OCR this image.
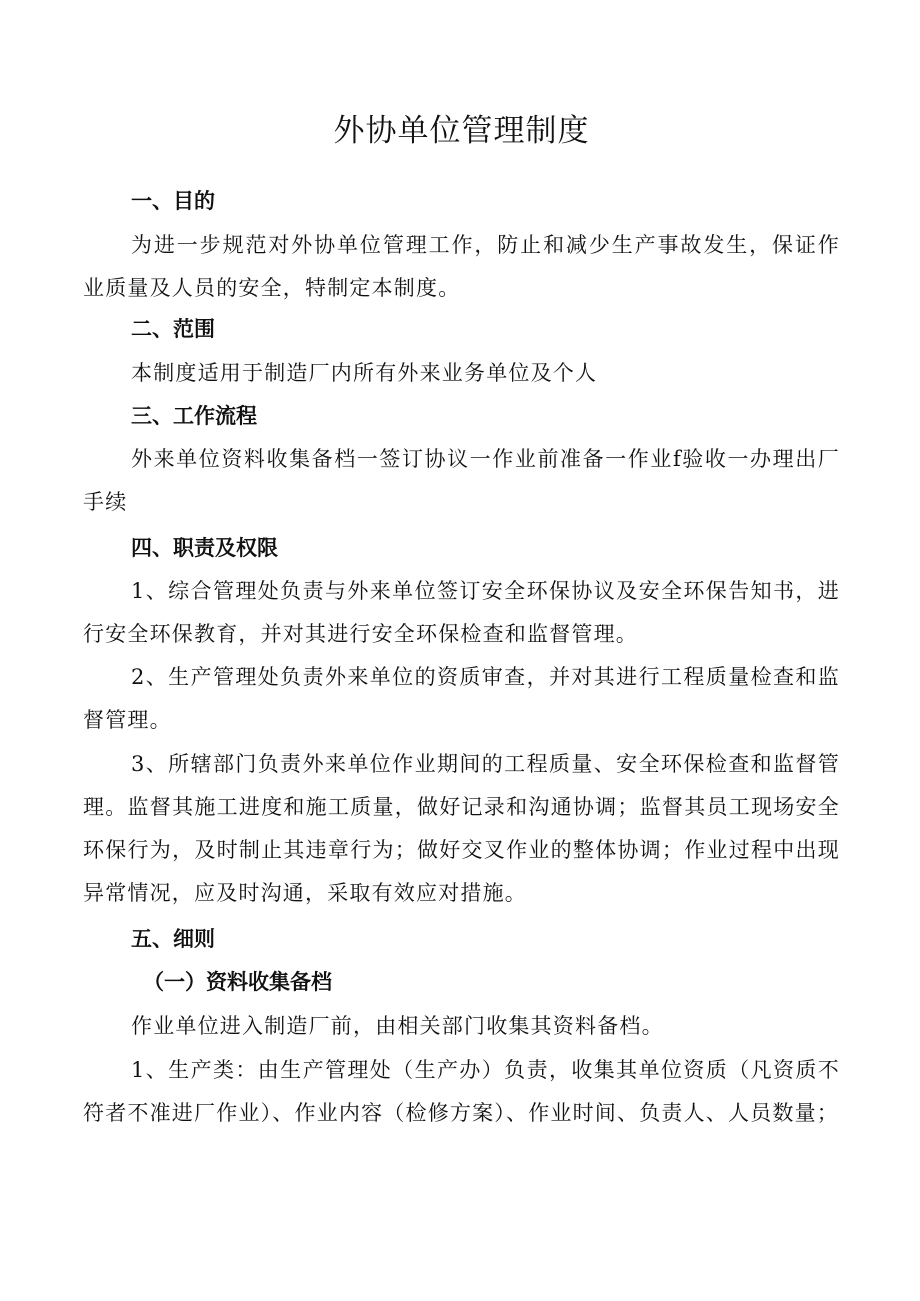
外协单位管理制度
一、目的

为进一步规范对外协单位管理工作，防止和减少生产事故发生，保证作业质量及人员的安全，特制定本制度。

二、范围

本制度适用于制造厂内所有外来业务单位及个人

三、工作流程

外来单位资料收集备档一签订协议一作业前准备一作业f验收一办理出厂手续

四、职责及权限

1、综合管理处负责与外来单位签订安全环保协议及安全环保告知书，进行安全环保教育，并对其进行安全环保检查和监督管理。

2、生产管理处负责外来单位的资质审查，并对其进行工程质量检查和监督管理。

3、所辖部门负责外来单位作业期间的工程质量、安全环保检查和监督管理。监督其施工进度和施工质量，做好记录和沟通协调；监督其员工现场安全环保行为，及时制止其违章行为；做好交叉作业的整体协调；作业过程中出现异常情况，应及时沟通，采取有效应对措施。

五、细则
（一）资料收集备档

作业单位进入制造厂前，由相关部门收集其资料备档。

1、生产类：由生产管理处（生产办）负责，收集其单位资质（凡资质不符者不准进厂作业）、作业内容（检修方案）、作业时间、负责人、人员数量；
